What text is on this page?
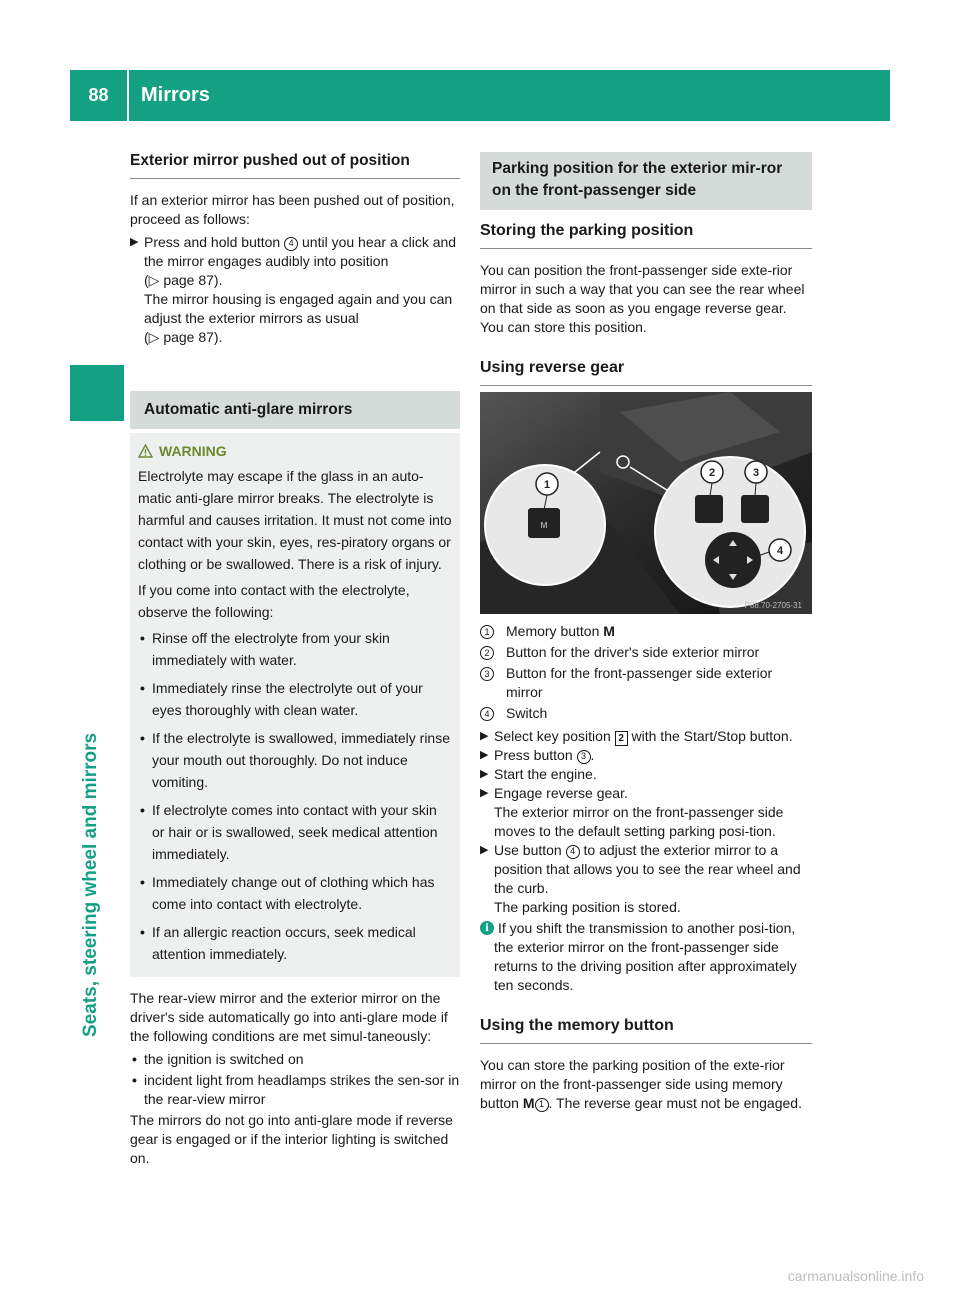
88	Mirrors
Seats, steering wheel and mirrors
Exterior mirror pushed out of position

If an exterior mirror has been pushed out of position, proceed as follows:

▶ Press and hold button 4 until you hear a click and the mirror engages audibly into position
(▷ page 87).
The mirror housing is engaged again and you can adjust the exterior mirrors as usual
(▷ page 87).
Automatic anti-glare mirrors
WARNING

Electrolyte may escape if the glass in an auto-matic anti-glare mirror breaks. The electrolyte is harmful and causes irritation. It must not come into contact with your skin, eyes, res-piratory organs or clothing or be swallowed. There is a risk of injury.

If you come into contact with the electrolyte, observe the following:

• Rinse off the electrolyte from your skin immediately with water.
• Immediately rinse the electrolyte out of your eyes thoroughly with clean water.
• If the electrolyte is swallowed, immediately rinse your mouth out thoroughly. Do not induce vomiting.
• If electrolyte comes into contact with your skin or hair or is swallowed, seek medical attention immediately.
• Immediately change out of clothing which has come into contact with electrolyte.
• If an allergic reaction occurs, seek medical attention immediately.

The rear-view mirror and the exterior mirror on the driver's side automatically go into anti-glare mode if the following conditions are met simul-taneously:

• the ignition is switched on
• incident light from headlamps strikes the sen-sor in the rear-view mirror

The mirrors do not go into anti-glare mode if reverse gear is engaged or if the interior lighting is switched on.

Parking position for the exterior mir-ror on the front-passenger side
Storing the parking position

You can position the front-passenger side exte-rior mirror in such a way that you can see the rear wheel on that side as soon as you engage reverse gear. You can store this position.

Using reverse gear
M
1
2	3
4
P88.70-2705-31
1	Memory button M
2	Button for the driver's side exterior mirror
3	Button for the front-passenger side exterior mirror
4	Switch
▶ Select key position 2 with the Start/Stop button.
▶ Press button 3 .
▶ Start the engine.
▶ Engage reverse gear.
The exterior mirror on the front-passenger side moves to the default setting parking posi-tion.
▶ Use button 4 to adjust the exterior mirror to a position that allows you to see the rear wheel and the curb.
The parking position is stored.
i If you shift the transmission to another posi-tion, the exterior mirror on the front-passenger side returns to the driving position after approximately ten seconds.
Using the memory button

You can store the parking position of the exte-rior mirror on the front-passenger side using memory button M 1 . The reverse gear must not be engaged.

carmanualsonline.info
